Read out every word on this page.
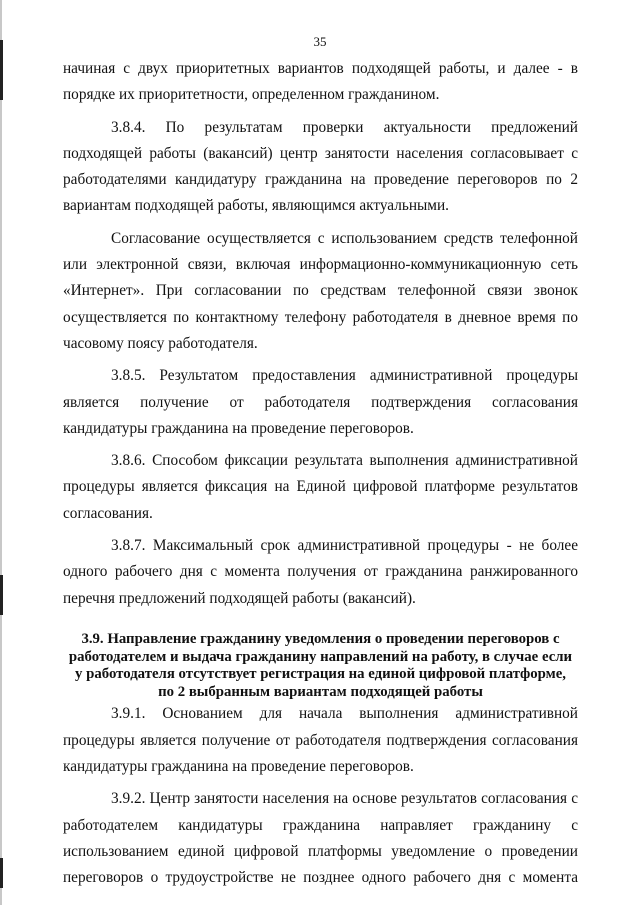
35

начиная с двух приоритетных вариантов подходящей работы, и далее - в порядке их приоритетности, определенном гражданином.

3.8.4. По результатам проверки актуальности предложений подходящей работы (вакансий) центр занятости населения согласовывает с работодателями кандидатуру гражданина на проведение переговоров по 2 вариантам подходящей работы, являющимся актуальными.

Согласование осуществляется с использованием средств телефонной или электронной связи, включая информационно-коммуникационную сеть «Интернет». При согласовании по средствам телефонной связи звонок осуществляется по контактному телефону работодателя в дневное время по часовому поясу работодателя.

3.8.5. Результатом предоставления административной процедуры является получение от работодателя подтверждения согласования кандидатуры гражданина на проведение переговоров.

3.8.6. Способом фиксации результата выполнения административной процедуры является фиксация на Единой цифровой платформе результатов согласования.

3.8.7. Максимальный срок административной процедуры - не более одного рабочего дня с момента получения от гражданина ранжированного перечня предложений подходящей работы (вакансий).

3.9. Направление гражданину уведомления о проведении переговоров с
работодателем и выдача гражданину направлений на работу, в случае если
у работодателя отсутствует регистрация на единой цифровой платформе,
по 2 выбранным вариантам подходящей работы

3.9.1. Основанием для начала выполнения административной процедуры является получение от работодателя подтверждения согласования кандидатуры гражданина на проведение переговоров.

3.9.2. Центр занятости населения на основе результатов согласования с работодателем кандидатуры гражданина направляет гражданину с использованием единой цифровой платформы уведомление о проведении переговоров о трудоустройстве не позднее одного рабочего дня с момента
